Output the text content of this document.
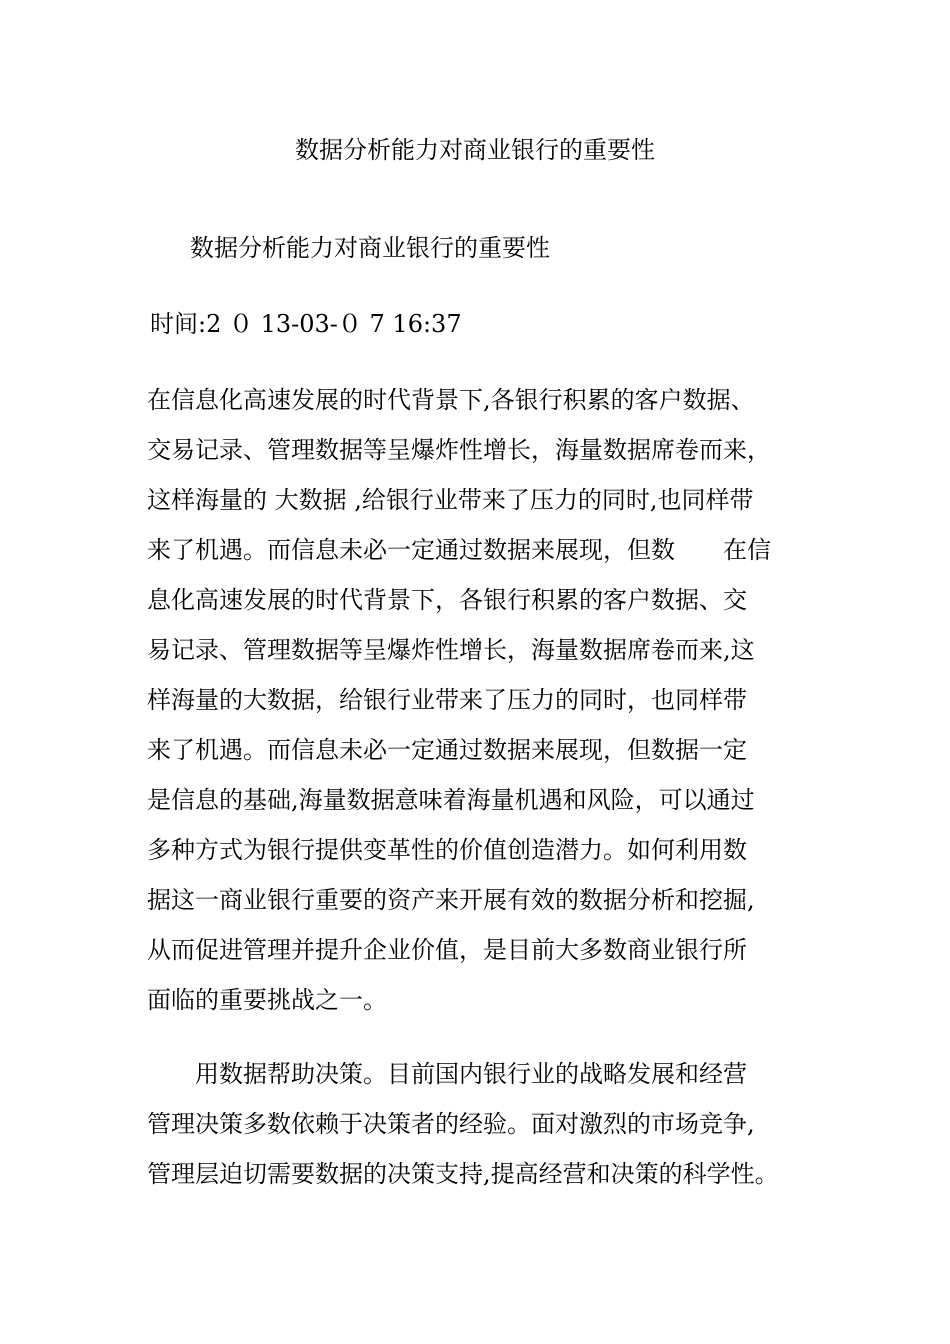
数据分析能力对商业银行的重要性
数据分析能力对商业银行的重要性
时间:2 ０ 13-03-０ 7 16:37
在信息化高速发展的时代背景下,各银行积累的客户数据、
交易记录、管理数据等呈爆炸性增长，海量数据席卷而来，
这样海量的 大数据 ,给银行业带来了压力的同时,也同样带
来了机遇。而信息未必一定通过数据来展现，但数　　在信
息化高速发展的时代背景下，各银行积累的客户数据、交
易记录、管理数据等呈爆炸性增长，海量数据席卷而来,这
样海量的大数据，给银行业带来了压力的同时，也同样带
来了机遇。而信息未必一定通过数据来展现，但数据一定
是信息的基础,海量数据意味着海量机遇和风险，可以通过
多种方式为银行提供变革性的价值创造潜力。如何利用数
据这一商业银行重要的资产来开展有效的数据分析和挖掘,
从而促进管理并提升企业价值，是目前大多数商业银行所
面临的重要挑战之一。
用数据帮助决策。目前国内银行业的战略发展和经营
管理决策多数依赖于决策者的经验。面对激烈的市场竞争,
管理层迫切需要数据的决策支持,提高经营和决策的科学性。
